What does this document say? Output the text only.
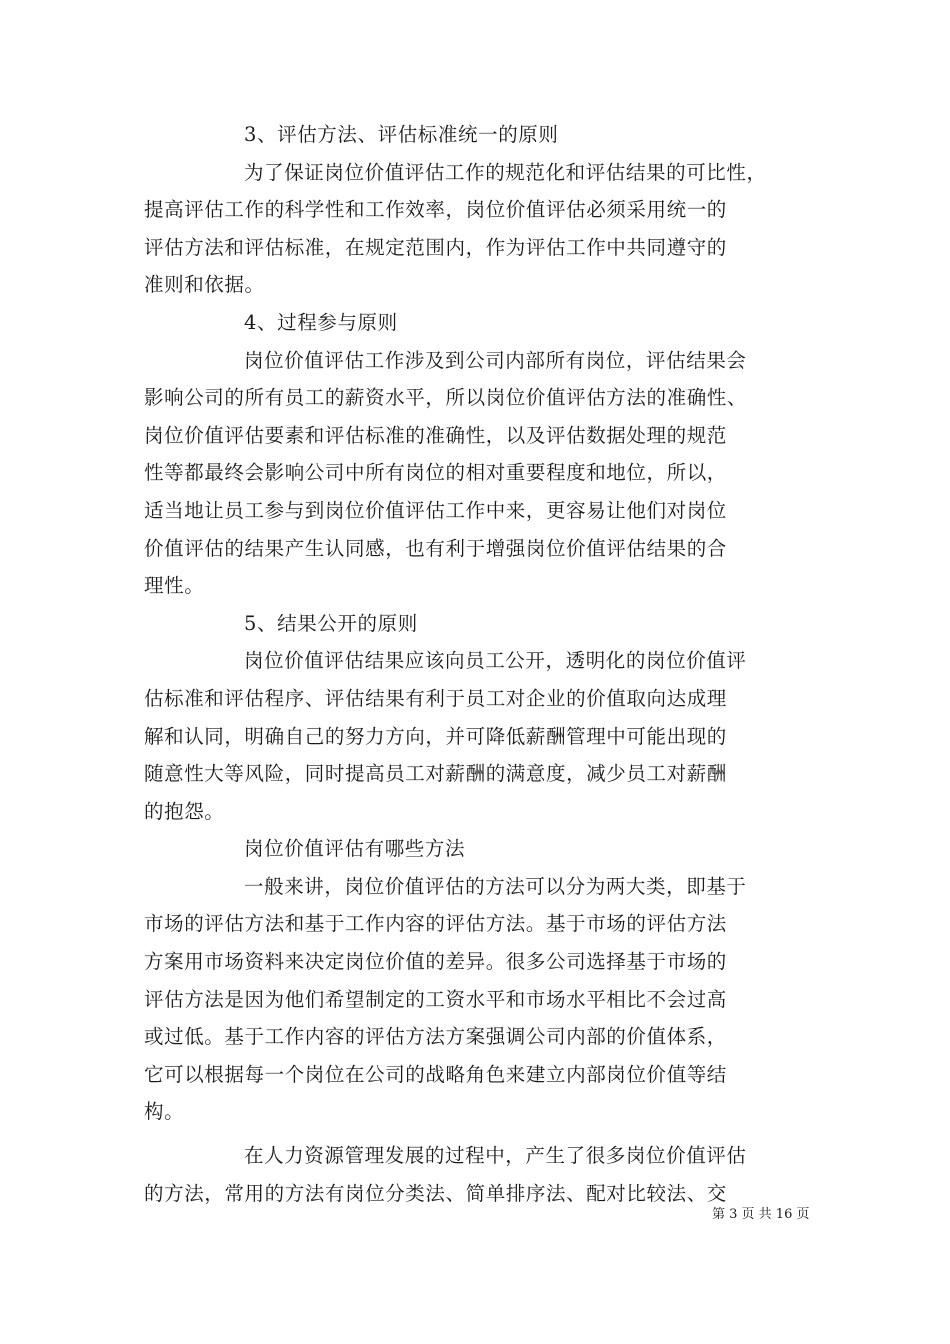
3、评估方法、评估标准统一的原则
为了保证岗位价值评估工作的规范化和评估结果的可比性，
提高评估工作的科学性和工作效率，岗位价值评估必须采用统一的
评估方法和评估标准，在规定范围内，作为评估工作中共同遵守的
准则和依据。
4、过程参与原则
岗位价值评估工作涉及到公司内部所有岗位，评估结果会
影响公司的所有员工的薪资水平，所以岗位价值评估方法的准确性、
岗位价值评估要素和评估标准的准确性，以及评估数据处理的规范
性等都最终会影响公司中所有岗位的相对重要程度和地位，所以，
适当地让员工参与到岗位价值评估工作中来，更容易让他们对岗位
价值评估的结果产生认同感，也有利于增强岗位价值评估结果的合
理性。
5、结果公开的原则
岗位价值评估结果应该向员工公开，透明化的岗位价值评
估标准和评估程序、评估结果有利于员工对企业的价值取向达成理
解和认同，明确自己的努力方向，并可降低薪酬管理中可能出现的
随意性大等风险，同时提高员工对薪酬的满意度，减少员工对薪酬
的抱怨。
岗位价值评估有哪些方法
一般来讲，岗位价值评估的方法可以分为两大类，即基于
市场的评估方法和基于工作内容的评估方法。基于市场的评估方法
方案用市场资料来决定岗位价值的差异。很多公司选择基于市场的
评估方法是因为他们希望制定的工资水平和市场水平相比不会过高
或过低。基于工作内容的评估方法方案强调公司内部的价值体系，
它可以根据每一个岗位在公司的战略角色来建立内部岗位价值等结
构。
在人力资源管理发展的过程中，产生了很多岗位价值评估
的方法，常用的方法有岗位分类法、简单排序法、配对比较法、交
第 3 页 共 16 页
